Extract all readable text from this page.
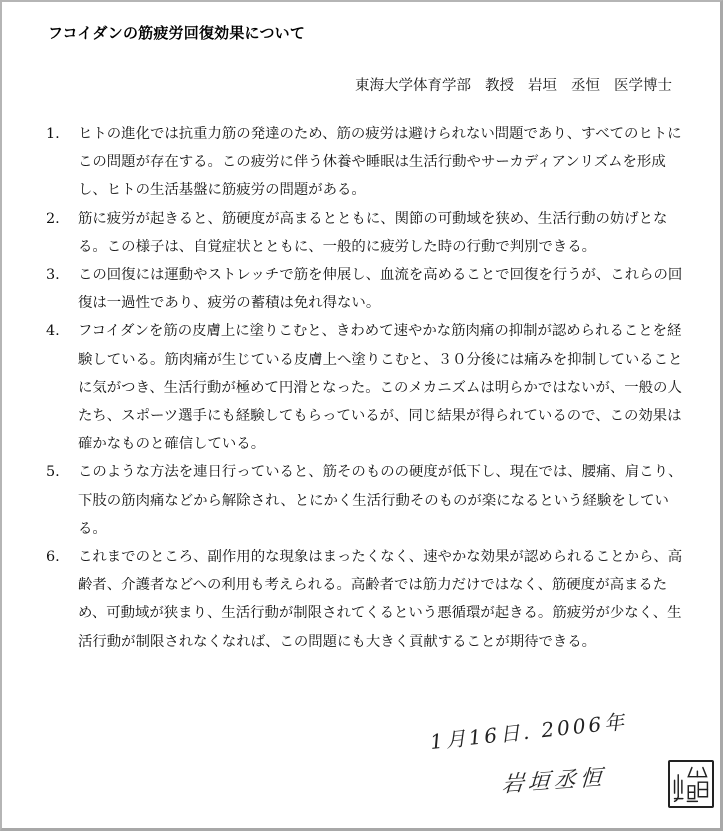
フコイダンの筋疲労回復効果について
東海大学体育学部 教授 岩垣 丞恒 医学博士
1.	ヒトの進化では抗重力筋の発達のため、筋の疲労は避けられない問題であり、すべてのヒトにこの問題が存在する。この疲労に伴う休養や睡眠は生活行動やサーカディアンリズムを形成し、ヒトの生活基盤に筋疲労の問題がある。
2.	筋に疲労が起きると、筋硬度が高まるとともに、関節の可動域を狭め、生活行動の妨げとなる。この様子は、自覚症状とともに、一般的に疲労した時の行動で判別できる。
3.	この回復には運動やストレッチで筋を伸展し、血流を高めることで回復を行うが、これらの回復は一過性であり、疲労の蓄積は免れ得ない。
4.	フコイダンを筋の皮膚上に塗りこむと、きわめて速やかな筋肉痛の抑制が認められることを経験している。筋肉痛が生じている皮膚上へ塗りこむと、３０分後には痛みを抑制していることに気がつき、生活行動が極めて円滑となった。このメカニズムは明らかではないが、一般の人たち、スポーツ選手にも経験してもらっているが、同じ結果が得られているので、この効果は確かなものと確信している。
5.	このような方法を連日行っていると、筋そのものの硬度が低下し、現在では、腰痛、肩こり、下肢の筋肉痛などから解除され、とにかく生活行動そのものが楽になるという経験をしている。
6.	これまでのところ、副作用的な現象はまったくなく、速やかな効果が認められることから、高齢者、介護者などへの利用も考えられる。高齢者では筋力だけではなく、筋硬度が高まるため、可動域が狭まり、生活行動が制限されてくるという悪循環が起きる。筋疲労が少なく、生活行動が制限されなくなれば、この問題にも大きく貢献することが期待できる。
1月16日. 2006年
岩垣丞恒
